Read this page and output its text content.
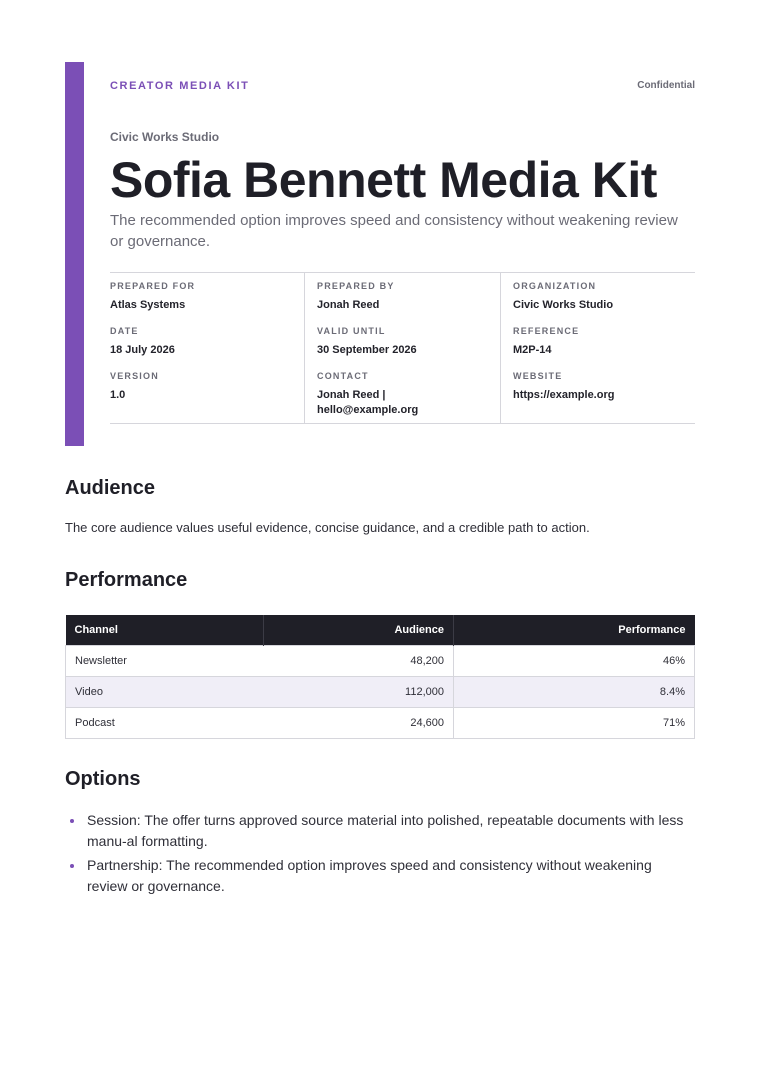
CREATOR MEDIA KIT	Confidential
Civic Works Studio
Sofia Bennett Media Kit

The recommended option improves speed and consistency without weakening review or governance.

PREPARED FOR
Atlas Systems
DATE
18 July 2026
VERSION
1.0
PREPARED BY
Jonah Reed
VALID UNTIL
30 September 2026
CONTACT
Jonah Reed | hello@example.org
ORGANIZATION
Civic Works Studio
REFERENCE
M2P-14
WEBSITE
https://example.org
Audience

The core audience values useful evidence, concise guidance, and a credible path to action.

Performance
Channel	Audience	Performance
Newsletter	48,200	46%
Video	112,000	8.4%
Podcast	24,600	71%
Options
Session: The offer turns approved source material into polished, repeatable documents with less manu-al formatting.
Partnership: The recommended option improves speed and consistency without weakening review or governance.
